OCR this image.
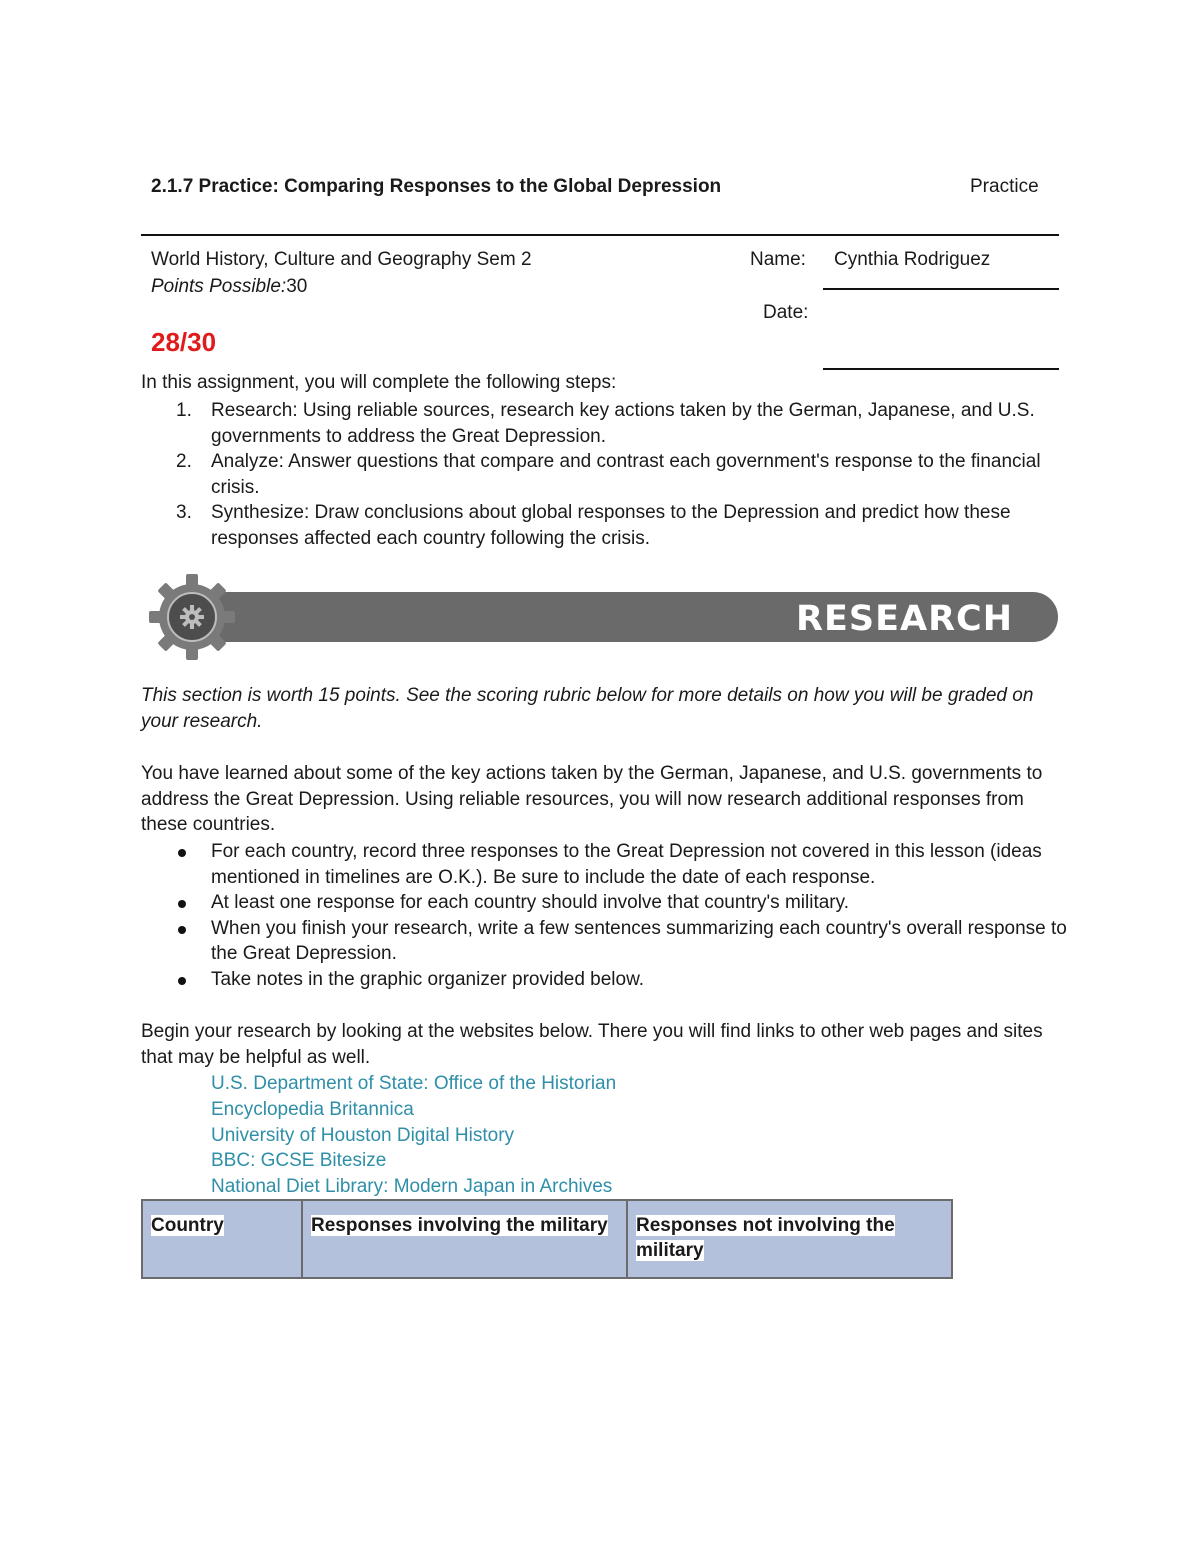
2.1.7 Practice: Comparing Responses to the Global Depression	Practice
World History, Culture and Geography Sem 2
Points Possible:30
Name: Cynthia Rodriguez
Date:
28/30
In this assignment, you will complete the following steps:

1. Research: Using reliable sources, research key actions taken by the German, Japanese, and U.S. governments to address the Great Depression.

2. Analyze: Answer questions that compare and contrast each government's response to the financial crisis.

3. Synthesize: Draw conclusions about global responses to the Depression and predict how these responses affected each country following the crisis.

RESEARCH
This section is worth 15 points. See the scoring rubric below for more details on how you will be graded on your research.
You have learned about some of the key actions taken by the German, Japanese, and U.S. governments to address the Great Depression. Using reliable resources, you will now research additional responses from these countries.

For each country, record three responses to the Great Depression not covered in this lesson (ideas mentioned in timelines are O.K.). Be sure to include the date of each response.

At least one response for each country should involve that country's military.

When you finish your research, write a few sentences summarizing each country's overall response to the Great Depression.

Take notes in the graphic organizer provided below.

Begin your research by looking at the websites below. There you will find links to other web pages and sites that may be helpful as well.
U.S. Department of State: Office of the Historian
Encyclopedia Britannica
University of Houston Digital History
BBC: GCSE Bitesize
National Diet Library: Modern Japan in Archives
Country	Responses involving the military	Responses not involving the military
